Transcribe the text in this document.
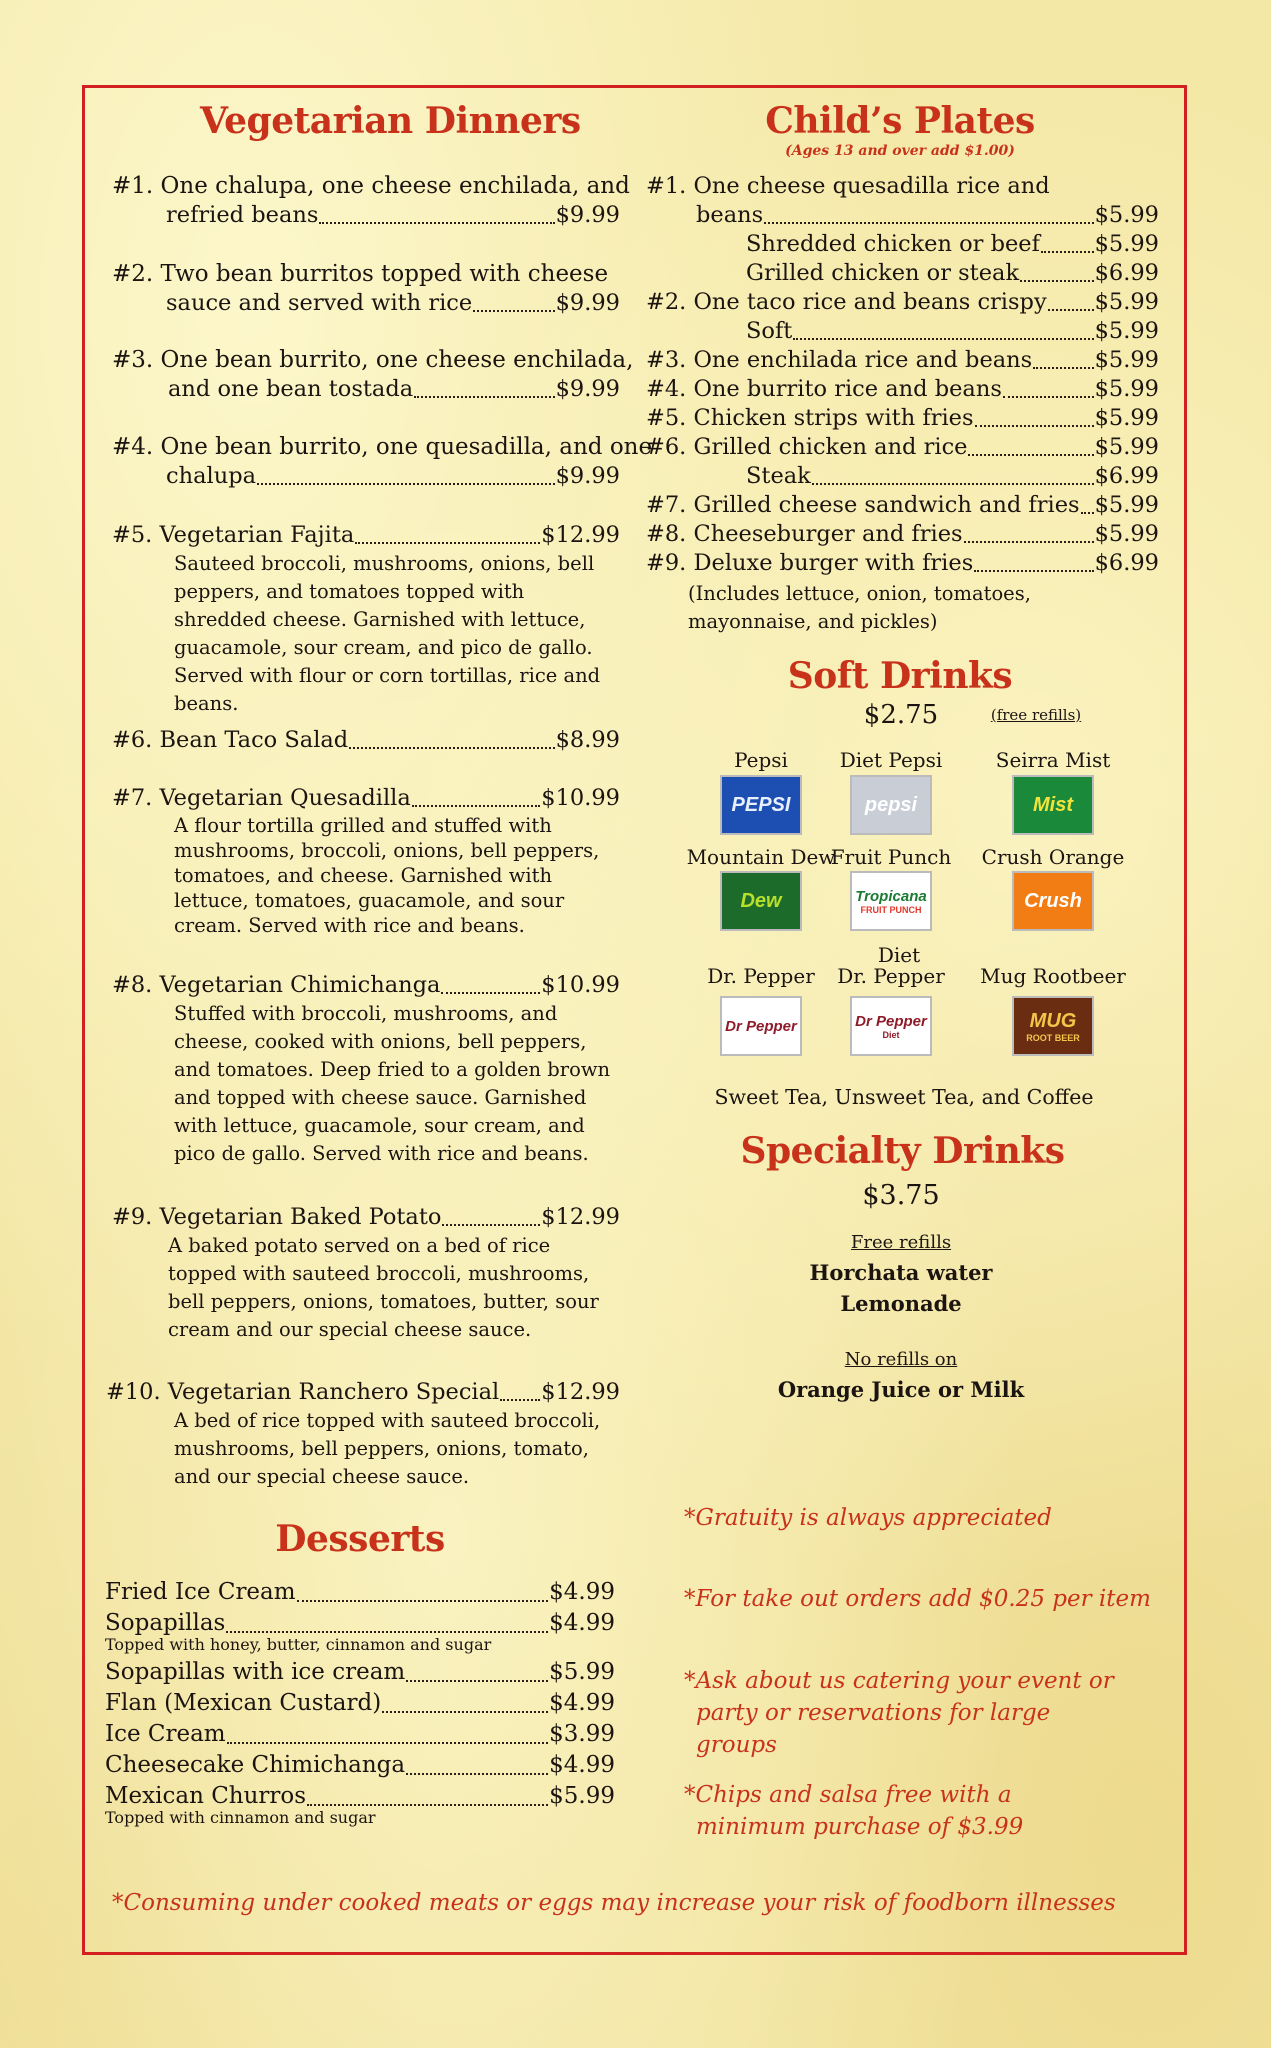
Vegetarian Dinners
#1.
One chalupa, one cheese enchilada, and
refried beans	$9.99
#2.
Two bean burritos topped with cheese
sauce and served with rice	$9.99
#3.
One bean burrito, one cheese enchilada,
and one bean tostada	$9.99
#4.
One bean burrito, one quesadilla, and one
chalupa	$9.99
#5.
Vegetarian Fajita	$12.99
Sauteed broccoli, mushrooms, onions, bell peppers, and tomatoes topped with shredded cheese. Garnished with lettuce, guacamole, sour cream, and pico de gallo. Served with flour or corn tortillas, rice and beans.
#6.
Bean Taco Salad	$8.99
#7.
Vegetarian Quesadilla	$10.99
A flour tortilla grilled and stuffed with mushrooms, broccoli, onions, bell peppers, tomatoes, and cheese. Garnished with lettuce, tomatoes, guacamole, and sour cream. Served with rice and beans.
#8.
Vegetarian Chimichanga	$10.99
Stuffed with broccoli, mushrooms, and cheese, cooked with onions, bell peppers, and tomatoes. Deep fried to a golden brown and topped with cheese sauce. Garnished with lettuce, guacamole, sour cream, and pico de gallo. Served with rice and beans.
#9.
Vegetarian Baked Potato	$12.99
A baked potato served on a bed of rice topped with sauteed broccoli, mushrooms, bell peppers, onions, tomatoes, butter, sour cream and our special cheese sauce.
#10.
Vegetarian Ranchero Special $12.99
A bed of rice topped with sauteed broccoli, mushrooms, bell peppers, onions, tomato, and our special cheese sauce.
Desserts
Fried Ice Cream	$4.99
Sopapillas	$4.99
Topped with honey, butter, cinnamon and sugar
Sopapillas with ice cream	$5.99
Flan (Mexican Custard)	$4.99
Ice Cream	$3.99
Cheesecake Chimichanga	$4.99
Mexican Churros	$5.99
Topped with cinnamon and sugar
Child’s Plates
(Ages 13 and over add $1.00)
#1. One cheese quesadilla rice and
beans	$5.99
Shredded chicken or beef $5.99
Grilled chicken or steak	$6.99
#2.
One taco rice and beans crispy $5.99
Soft	$5.99
#3.
One enchilada rice and beans	$5.99
#4.
One burrito rice and beans	$5.99
#5.
Chicken strips with fries	$5.99
#6.
Grilled chicken and rice	$5.99
Steak	$6.99
#7.
Grilled cheese sandwich and fries $5.99
#8.
Cheeseburger and fries	$5.99
#9.
Deluxe burger with fries	$6.99
(Includes lettuce, onion, tomatoes, mayonnaise, and pickles)
Soft Drinks
$2.75	(free refills)
Pepsi
PEPSI
Diet Pepsi
pepsi
Seirra Mist
Mist
Mountain Dew
Dew
Fruit Punch
Tropicana
FRUIT PUNCH
Crush Orange
Crush
Dr. Pepper
Dr Pepper
Diet
Dr. Pepper
Dr Pepper
Diet
Mug Rootbeer
MUG
ROOT BEER
Sweet Tea, Unsweet Tea, and Coffee
Specialty Drinks
$3.75
Free refills
Horchata water
Lemonade
No refills on
Orange Juice or Milk
*Gratuity is always appreciated
*For take out orders add $0.25 per item
*Ask about us catering your event or party or reservations for large groups
*Chips and salsa free with a minimum purchase of $3.99
*Consuming under cooked meats or eggs may increase your risk of foodborn illnesses
